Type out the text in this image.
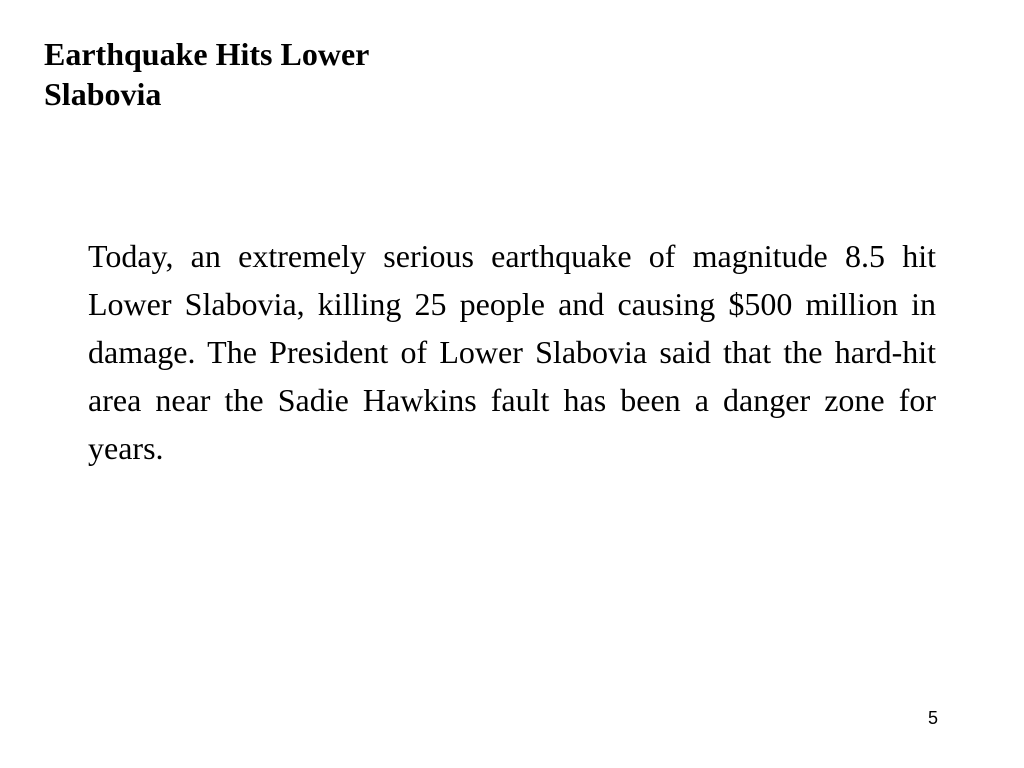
Earthquake Hits Lower
Slabovia

Today, an extremely serious earthquake of magnitude 8.5 hit Lower Slabovia, killing 25 people and causing $500 million in damage. The President of Lower Slabovia said that the hard-hit area near the Sadie Hawkins fault has been a danger zone for years.

5
